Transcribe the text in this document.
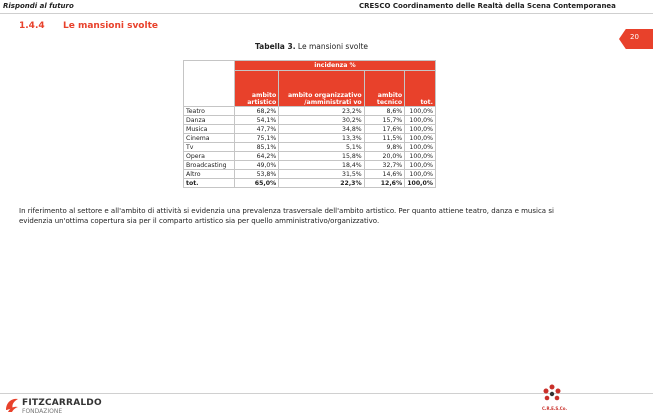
Rispondi al futuro	CRESCO Coordinamento delle Realtà della Scena Contemporanea
1.4.4 Le mansioni svolte
20
Tabella 3. Le mansioni svolte
	incidenza %			
	ambito artistico	ambito organizzativo /amministrati vo	ambito tecnico	tot.
Teatro	68,2%	23,2%	8,6%	100,0%
Danza	54,1%	30,2%	15,7%	100,0%
Musica	47,7%	34,8%	17,6%	100,0%
Cinema	75,1%	13,3%	11,5%	100,0%
Tv	85,1%	5,1%	9,8%	100,0%
Opera	64,2%	15,8%	20,0%	100,0%
Broadcasting	49,0%	18,4%	32,7%	100,0%
Altro	53,8%	31,5%	14,6%	100,0%
tot.	65,0%	22,3%	12,6%	100,0%
In riferimento al settore e all'ambito di attività si evidenzia una prevalenza trasversale dell'ambito artistico. Per quanto attiene teatro, danza e musica si
evidenzia un'ottima copertura sia per il comparto artistico sia per quello amministrativo/organizzativo.
FITZCARRALDO
FONDAZIONE	C.R.E.S.Co.
